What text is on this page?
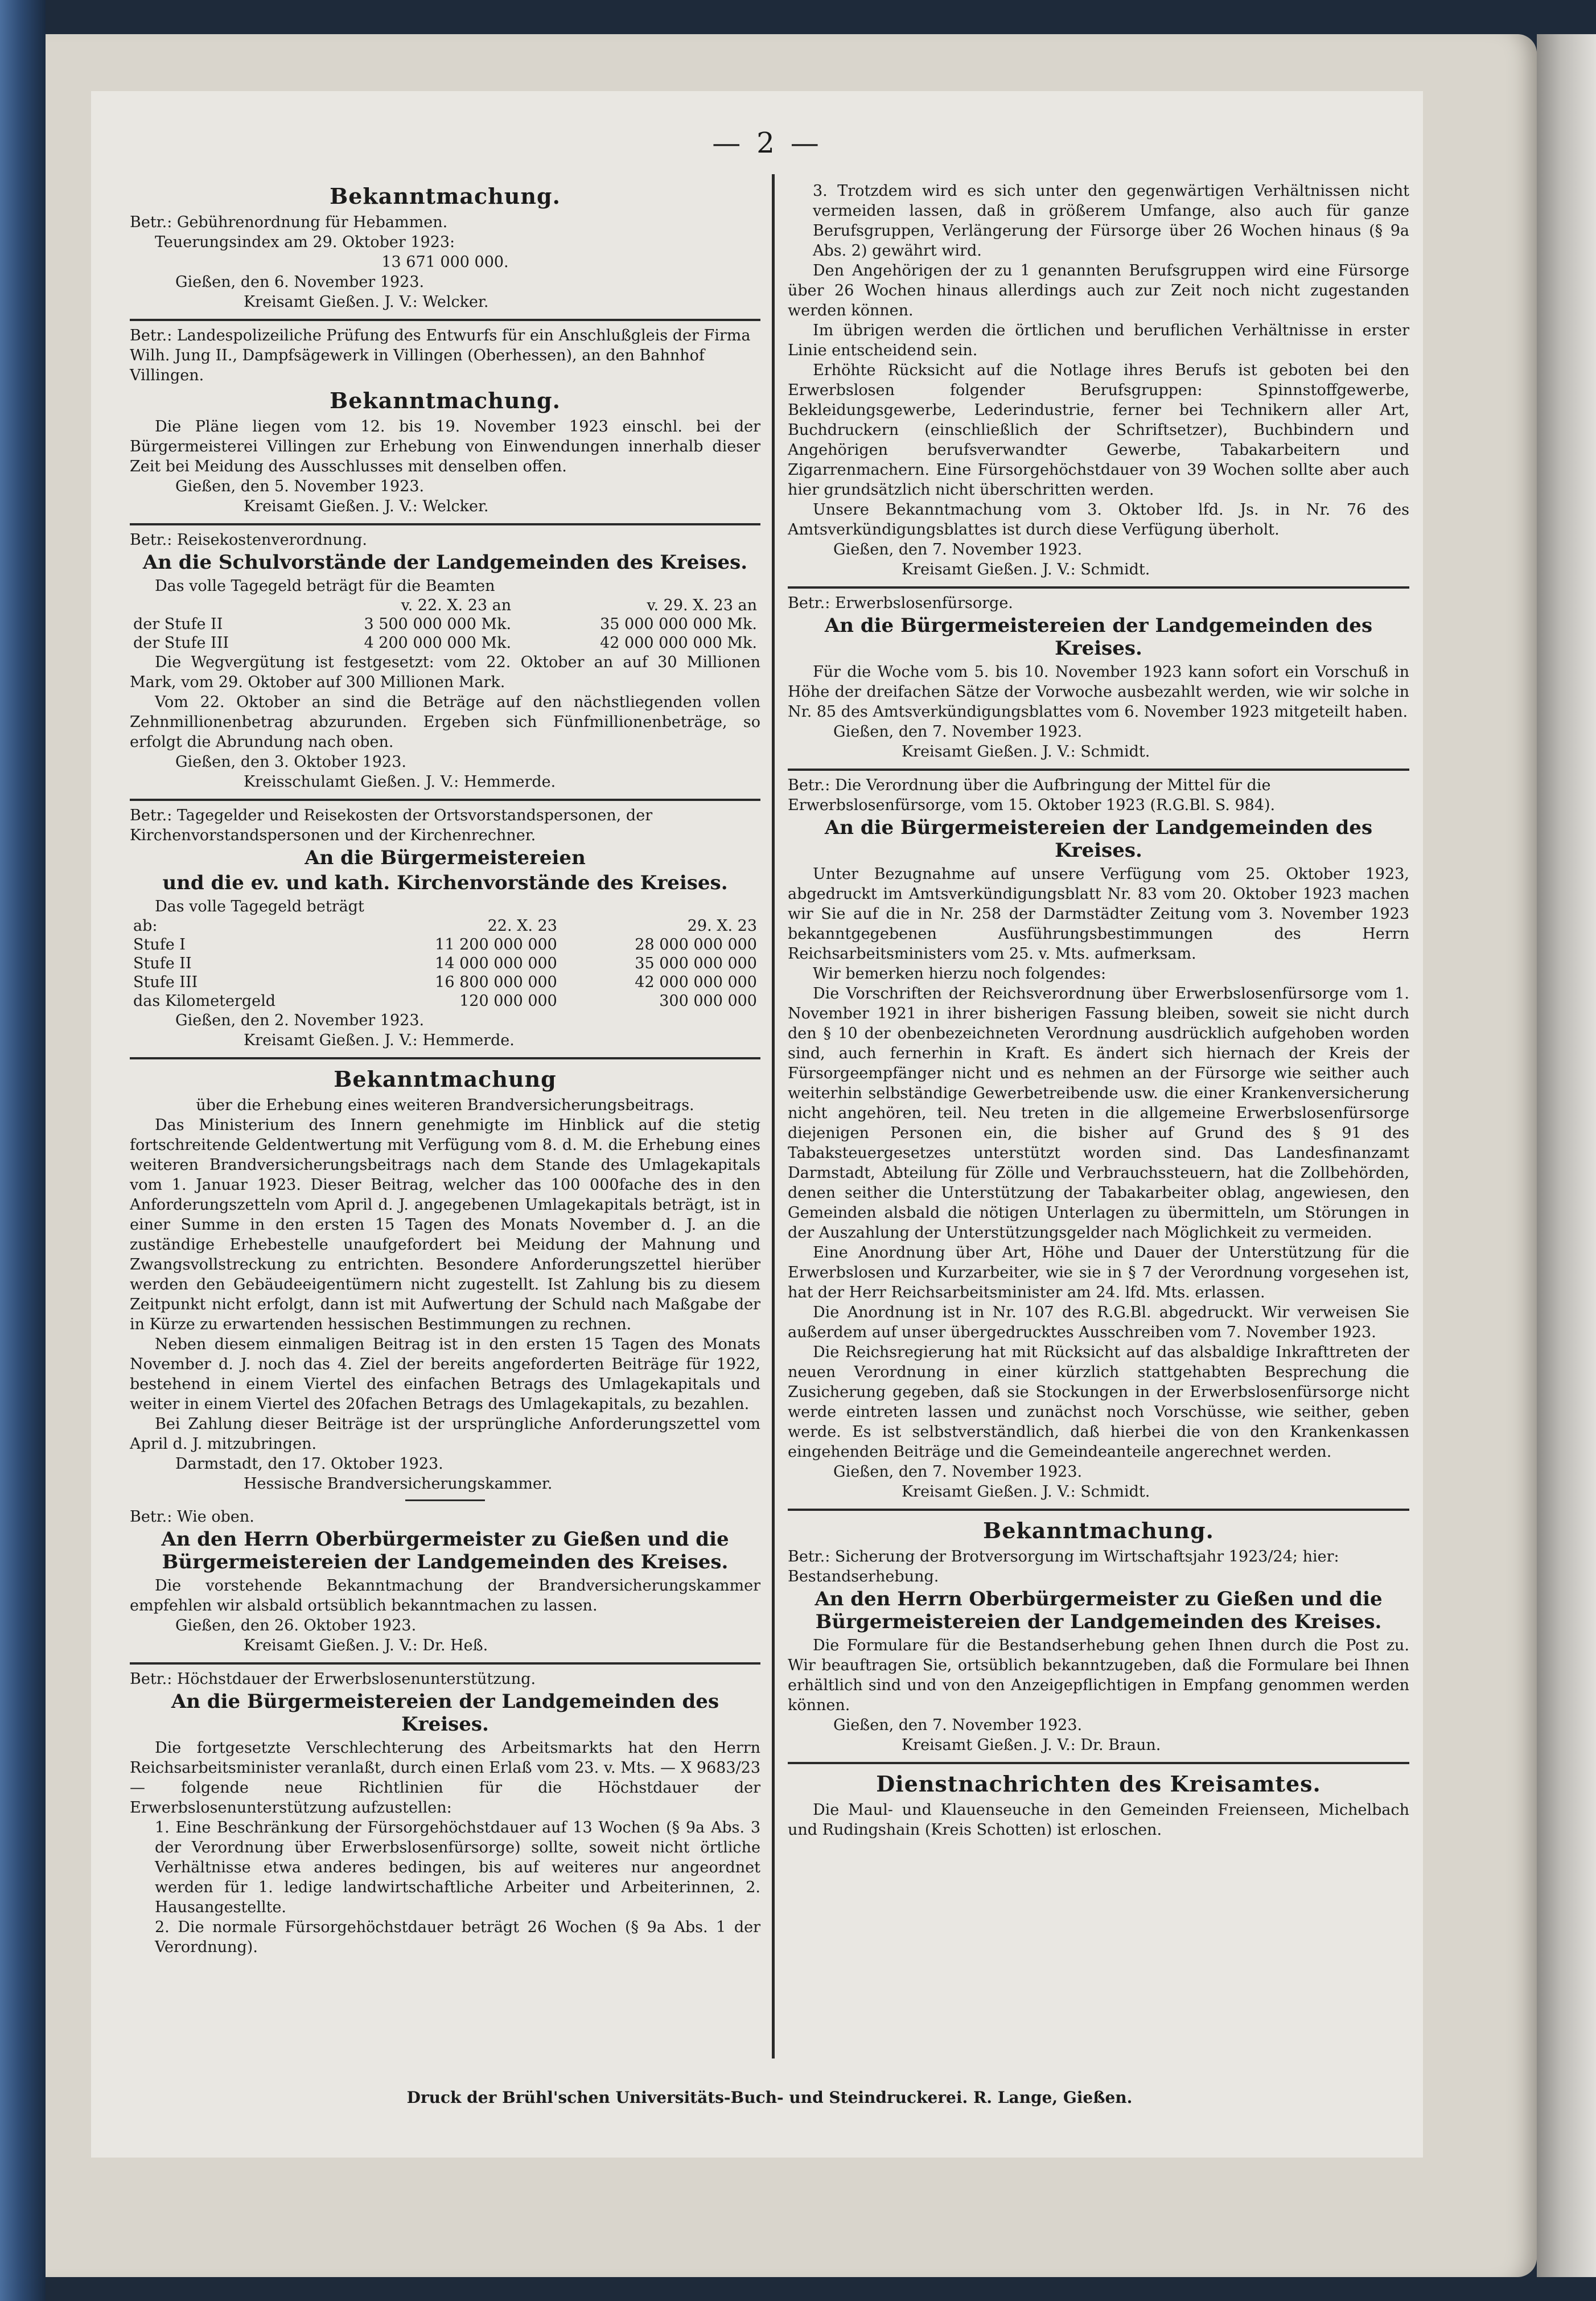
— 2 —
Bekanntmachung.

Betr.: Gebührenordnung für Hebammen.

Teuerungsindex am 29. Oktober 1923:

13 671 000 000.

Gießen, den 6. November 1923.

Kreisamt Gießen. J. V.: Welcker.

Betr.: Landespolizeiliche Prüfung des Entwurfs für ein Anschlußgleis der Firma Wilh. Jung II., Dampfsägewerk in Villingen (Oberhessen), an den Bahnhof Villingen.

Bekanntmachung.

Die Pläne liegen vom 12. bis 19. November 1923 einschl. bei der Bürgermeisterei Villingen zur Erhebung von Einwendungen innerhalb dieser Zeit bei Meidung des Ausschlusses mit denselben offen.

Gießen, den 5. November 1923.

Kreisamt Gießen. J. V.: Welcker.

Betr.: Reisekostenverordnung.

An die Schulvorstände der Landgemeinden des Kreises.

Das volle Tagegeld beträgt für die Beamten

	v. 22. X. 23 an	v. 29. X. 23 an
der Stufe II	3 500 000 000 Mk.	35 000 000 000 Mk.
der Stufe III	4 200 000 000 Mk.	42 000 000 000 Mk.

Die Wegvergütung ist festgesetzt: vom 22. Oktober an auf 30 Millionen Mark, vom 29. Oktober auf 300 Millionen Mark.

Vom 22. Oktober an sind die Beträge auf den nächstliegenden vollen Zehnmillionenbetrag abzurunden. Ergeben sich Fünfmillionenbeträge, so erfolgt die Abrundung nach oben.

Gießen, den 3. Oktober 1923.

Kreisschulamt Gießen. J. V.: Hemmerde.

Betr.: Tagegelder und Reisekosten der Ortsvorstandspersonen, der Kirchenvorstandspersonen und der Kirchenrechner.

An die Bürgermeistereien
und die ev. und kath. Kirchenvorstände des Kreises.

Das volle Tagegeld beträgt

ab:	22. X. 23	29. X. 23
Stufe I	11 200 000 000	28 000 000 000
Stufe II	14 000 000 000	35 000 000 000
Stufe III	16 800 000 000	42 000 000 000
das Kilometergeld	120 000 000	300 000 000

Gießen, den 2. November 1923.

Kreisamt Gießen. J. V.: Hemmerde.

Bekanntmachung

über die Erhebung eines weiteren Brandversicherungsbeitrags.

Das Ministerium des Innern genehmigte im Hinblick auf die stetig fortschreitende Geldentwertung mit Verfügung vom 8. d. M. die Erhebung eines weiteren Brandversicherungsbeitrags nach dem Stande des Umlagekapitals vom 1. Januar 1923. Dieser Beitrag, welcher das 100 000fache des in den Anforderungszetteln vom April d. J. angegebenen Umlagekapitals beträgt, ist in einer Summe in den ersten 15 Tagen des Monats November d. J. an die zuständige Erhebestelle unaufgefordert bei Meidung der Mahnung und Zwangsvollstreckung zu entrichten. Besondere Anforderungszettel hierüber werden den Gebäudeeigentümern nicht zugestellt. Ist Zahlung bis zu diesem Zeitpunkt nicht erfolgt, dann ist mit Aufwertung der Schuld nach Maßgabe der in Kürze zu erwartenden hessischen Bestimmungen zu rechnen.

Neben diesem einmaligen Beitrag ist in den ersten 15 Tagen des Monats November d. J. noch das 4. Ziel der bereits angeforderten Beiträge für 1922, bestehend in einem Viertel des einfachen Betrags des Umlagekapitals und weiter in einem Viertel des 20fachen Betrags des Umlagekapitals, zu bezahlen.

Bei Zahlung dieser Beiträge ist der ursprüngliche Anforderungszettel vom April d. J. mitzubringen.

Darmstadt, den 17. Oktober 1923.

Hessische Brandversicherungskammer.

Betr.: Wie oben.

An den Herrn Oberbürgermeister zu Gießen und die Bürgermeistereien der Landgemeinden des Kreises.

Die vorstehende Bekanntmachung der Brandversicherungskammer empfehlen wir alsbald ortsüblich bekanntmachen zu lassen.

Gießen, den 26. Oktober 1923.

Kreisamt Gießen. J. V.: Dr. Heß.

Betr.: Höchstdauer der Erwerbslosenunterstützung.

An die Bürgermeistereien der Landgemeinden des Kreises.

Die fortgesetzte Verschlechterung des Arbeitsmarkts hat den Herrn Reichsarbeitsminister veranlaßt, durch einen Erlaß vom 23. v. Mts. — X 9683/23 — folgende neue Richtlinien für die Höchstdauer der Erwerbslosenunterstützung aufzustellen:

1. Eine Beschränkung der Fürsorgehöchstdauer auf 13 Wochen (§ 9a Abs. 3 der Verordnung über Erwerbslosenfürsorge) sollte, soweit nicht örtliche Verhältnisse etwa anderes bedingen, bis auf weiteres nur angeordnet werden für 1. ledige landwirtschaftliche Arbeiter und Arbeiterinnen, 2. Hausangestellte.

2. Die normale Fürsorgehöchstdauer beträgt 26 Wochen (§ 9a Abs. 1 der Verordnung).

3. Trotzdem wird es sich unter den gegenwärtigen Verhältnissen nicht vermeiden lassen, daß in größerem Umfange, also auch für ganze Berufsgruppen, Verlängerung der Fürsorge über 26 Wochen hinaus (§ 9a Abs. 2) gewährt wird.

Den Angehörigen der zu 1 genannten Berufsgruppen wird eine Fürsorge über 26 Wochen hinaus allerdings auch zur Zeit noch nicht zugestanden werden können.

Im übrigen werden die örtlichen und beruflichen Verhältnisse in erster Linie entscheidend sein.

Erhöhte Rücksicht auf die Notlage ihres Berufs ist geboten bei den Erwerbslosen folgender Berufsgruppen: Spinnstoffgewerbe, Bekleidungsgewerbe, Lederindustrie, ferner bei Technikern aller Art, Buchdruckern (einschließlich der Schriftsetzer), Buchbindern und Angehörigen berufsverwandter Gewerbe, Tabakarbeitern und Zigarrenmachern. Eine Fürsorgehöchstdauer von 39 Wochen sollte aber auch hier grundsätzlich nicht überschritten werden.

Unsere Bekanntmachung vom 3. Oktober lfd. Js. in Nr. 76 des Amtsverkündigungsblattes ist durch diese Verfügung überholt.

Gießen, den 7. November 1923.

Kreisamt Gießen. J. V.: Schmidt.

Betr.: Erwerbslosenfürsorge.

An die Bürgermeistereien der Landgemeinden des Kreises.

Für die Woche vom 5. bis 10. November 1923 kann sofort ein Vorschuß in Höhe der dreifachen Sätze der Vorwoche ausbezahlt werden, wie wir solche in Nr. 85 des Amtsverkündigungsblattes vom 6. November 1923 mitgeteilt haben.

Gießen, den 7. November 1923.

Kreisamt Gießen. J. V.: Schmidt.

Betr.: Die Verordnung über die Aufbringung der Mittel für die Erwerbslosenfürsorge, vom 15. Oktober 1923 (R.G.Bl. S. 984).

An die Bürgermeistereien der Landgemeinden des Kreises.

Unter Bezugnahme auf unsere Verfügung vom 25. Oktober 1923, abgedruckt im Amtsverkündigungsblatt Nr. 83 vom 20. Oktober 1923 machen wir Sie auf die in Nr. 258 der Darmstädter Zeitung vom 3. November 1923 bekanntgegebenen Ausführungsbestimmungen des Herrn Reichsarbeitsministers vom 25. v. Mts. aufmerksam.

Wir bemerken hierzu noch folgendes:

Die Vorschriften der Reichsverordnung über Erwerbslosenfürsorge vom 1. November 1921 in ihrer bisherigen Fassung bleiben, soweit sie nicht durch den § 10 der obenbezeichneten Verordnung ausdrücklich aufgehoben worden sind, auch fernerhin in Kraft. Es ändert sich hiernach der Kreis der Fürsorgeempfänger nicht und es nehmen an der Fürsorge wie seither auch weiterhin selbständige Gewerbetreibende usw. die einer Krankenversicherung nicht angehören, teil. Neu treten in die allgemeine Erwerbslosenfürsorge diejenigen Personen ein, die bisher auf Grund des § 91 des Tabaksteuergesetzes unterstützt worden sind. Das Landesfinanzamt Darmstadt, Abteilung für Zölle und Verbrauchssteuern, hat die Zollbehörden, denen seither die Unterstützung der Tabakarbeiter oblag, angewiesen, den Gemeinden alsbald die nötigen Unterlagen zu übermitteln, um Störungen in der Auszahlung der Unterstützungsgelder nach Möglichkeit zu vermeiden.

Eine Anordnung über Art, Höhe und Dauer der Unterstützung für die Erwerbslosen und Kurzarbeiter, wie sie in § 7 der Verordnung vorgesehen ist, hat der Herr Reichsarbeitsminister am 24. lfd. Mts. erlassen.

Die Anordnung ist in Nr. 107 des R.G.Bl. abgedruckt. Wir verweisen Sie außerdem auf unser übergedrucktes Ausschreiben vom 7. November 1923.

Die Reichsregierung hat mit Rücksicht auf das alsbaldige Inkrafttreten der neuen Verordnung in einer kürzlich stattgehabten Besprechung die Zusicherung gegeben, daß sie Stockungen in der Erwerbslosenfürsorge nicht werde eintreten lassen und zunächst noch Vorschüsse, wie seither, geben werde. Es ist selbstverständlich, daß hierbei die von den Krankenkassen eingehenden Beiträge und die Gemeindeanteile angerechnet werden.

Gießen, den 7. November 1923.

Kreisamt Gießen. J. V.: Schmidt.

Bekanntmachung.

Betr.: Sicherung der Brotversorgung im Wirtschaftsjahr 1923/24; hier: Bestandserhebung.

An den Herrn Oberbürgermeister zu Gießen und die Bürgermeistereien der Landgemeinden des Kreises.

Die Formulare für die Bestandserhebung gehen Ihnen durch die Post zu. Wir beauftragen Sie, ortsüblich bekanntzugeben, daß die Formulare bei Ihnen erhältlich sind und von den Anzeigepflichtigen in Empfang genommen werden können.

Gießen, den 7. November 1923.

Kreisamt Gießen. J. V.: Dr. Braun.

Dienstnachrichten des Kreisamtes.

Die Maul- und Klauenseuche in den Gemeinden Freienseen, Michelbach und Rudingshain (Kreis Schotten) ist erloschen.

Druck der Brühl'schen Universitäts-Buch- und Steindruckerei. R. Lange, Gießen.
